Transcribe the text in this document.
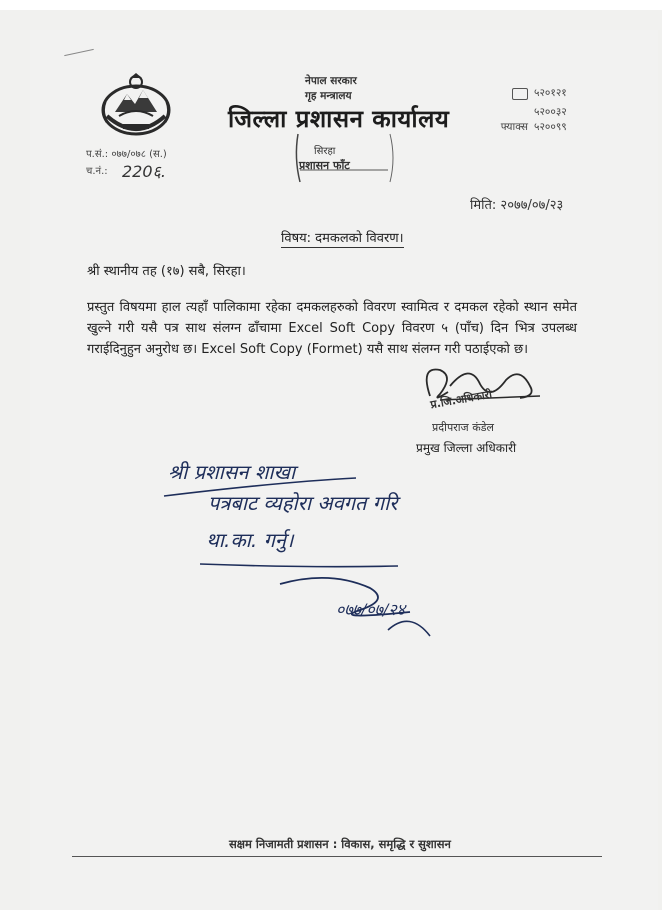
नेपाल सरकार
गृह मन्त्रालय
जिल्ला प्रशासन कार्यालय
५२०१२१
५२००३२
फ्याक्स ५२००९९
प.सं.: ०७७/०७८ (स.)
च.नं.: 220६.
सिरहा
प्रशासन फाँट
मिति: २०७७/०७/२३
विषय: दमकलको विवरण।
श्री स्थानीय तह (१७) सबै, सिरहा।
प्रस्तुत विषयमा हाल त्यहाँ पालिकामा रहेका दमकलहरुको विवरण स्वामित्व र दमकल रहेको स्थान समेत खुल्ने गरी यसै पत्र साथ संलग्न ढाँचामा Excel Soft Copy विवरण ५ (पाँच) दिन भित्र उपलब्ध गराईदिनुहुन अनुरोध छ। Excel Soft Copy (Formet) यसै साथ संलग्न गरी पठाईएको छ।
प्र.जि.अधिकारी
प्रदीपराज कंडेल
प्रमुख जिल्ला अधिकारी
श्री प्रशासन शाखा
पत्रबाट व्यहोरा अवगत गरि
था.का. गर्नु।
०७७/०७/२४
सक्षम निजामती प्रशासन : विकास, समृद्धि र सुशासन
